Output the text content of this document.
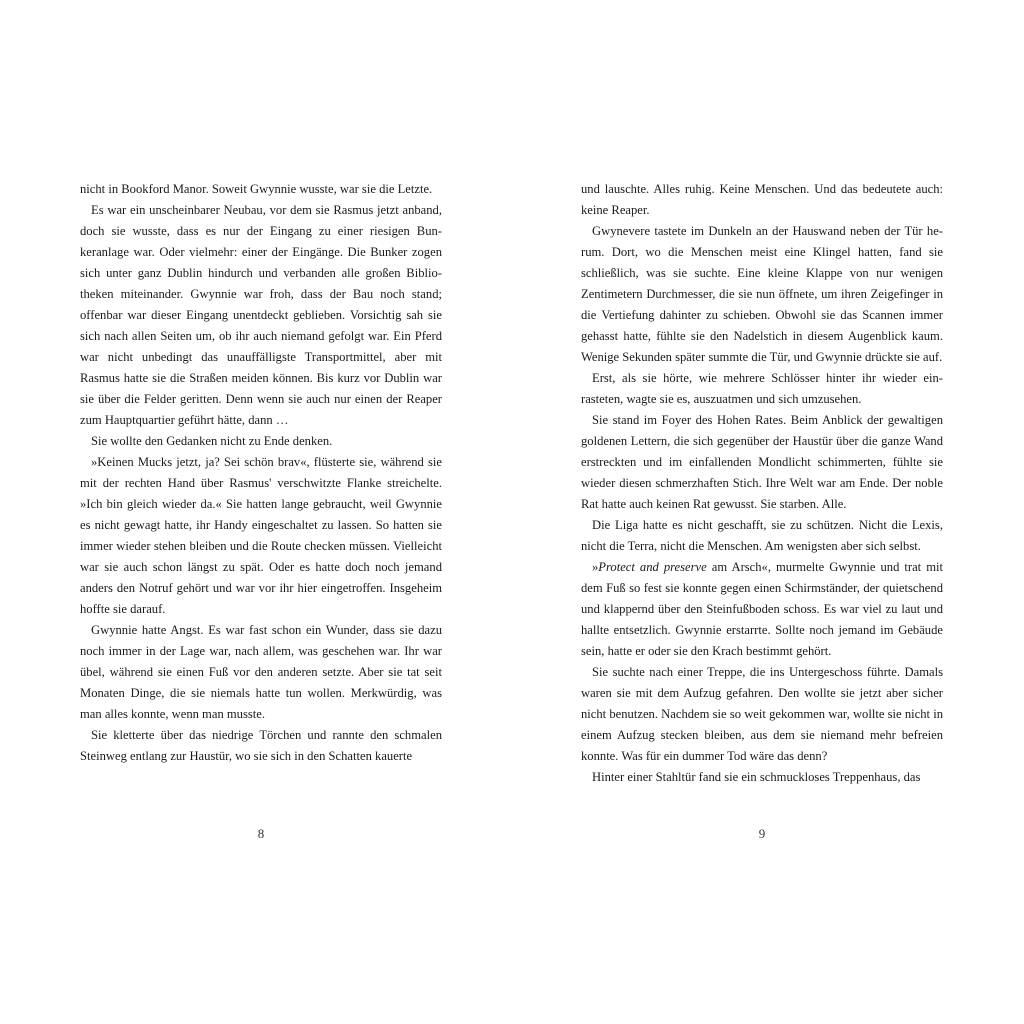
nicht in Bookford Manor. Soweit Gwynnie wusste, war sie die Letzte.

Es war ein unscheinbarer Neubau, vor dem sie Rasmus jetzt anband, doch sie wusste, dass es nur der Eingang zu einer riesigen Bunkeranlage war. Oder vielmehr: einer der Eingänge. Die Bunker zogen sich unter ganz Dublin hindurch und verbanden alle großen Bibliotheken miteinander. Gwynnie war froh, dass der Bau noch stand; offenbar war dieser Eingang unentdeckt geblieben. Vorsichtig sah sie sich nach allen Seiten um, ob ihr auch niemand gefolgt war. Ein Pferd war nicht unbedingt das unauffälligste Transportmittel, aber mit Rasmus hatte sie die Straßen meiden können. Bis kurz vor Dublin war sie über die Felder geritten. Denn wenn sie auch nur einen der Reaper zum Hauptquartier geführt hätte, dann …

Sie wollte den Gedanken nicht zu Ende denken.

»Keinen Mucks jetzt, ja? Sei schön brav«, flüsterte sie, während sie mit der rechten Hand über Rasmus' verschwitzte Flanke streichelte. »Ich bin gleich wieder da.« Sie hatten lange gebraucht, weil Gwynnie es nicht gewagt hatte, ihr Handy eingeschaltet zu lassen. So hatten sie immer wieder stehen bleiben und die Route checken müssen. Vielleicht war sie auch schon längst zu spät. Oder es hatte doch noch jemand anders den Notruf gehört und war vor ihr hier eingetroffen. Insgeheim hoffte sie darauf.

Gwynnie hatte Angst. Es war fast schon ein Wunder, dass sie dazu noch immer in der Lage war, nach allem, was geschehen war. Ihr war übel, während sie einen Fuß vor den anderen setzte. Aber sie tat seit Monaten Dinge, die sie niemals hatte tun wollen. Merkwürdig, was man alles konnte, wenn man musste.

Sie kletterte über das niedrige Törchen und rannte den schmalen Steinweg entlang zur Haustür, wo sie sich in den Schatten kauerte

8

und lauschte. Alles ruhig. Keine Menschen. Und das bedeutete auch: keine Reaper.

Gwynevere tastete im Dunkeln an der Hauswand neben der Tür herum. Dort, wo die Menschen meist eine Klingel hatten, fand sie schließlich, was sie suchte. Eine kleine Klappe von nur wenigen Zentimetern Durchmesser, die sie nun öffnete, um ihren Zeigefinger in die Vertiefung dahinter zu schieben. Obwohl sie das Scannen immer gehasst hatte, fühlte sie den Nadelstich in diesem Augenblick kaum. Wenige Sekunden später summte die Tür, und Gwynnie drückte sie auf.

Erst, als sie hörte, wie mehrere Schlösser hinter ihr wieder einrasteten, wagte sie es, auszuatmen und sich umzusehen.

Sie stand im Foyer des Hohen Rates. Beim Anblick der gewaltigen goldenen Lettern, die sich gegenüber der Haustür über die ganze Wand erstreckten und im einfallenden Mondlicht schimmerten, fühlte sie wieder diesen schmerzhaften Stich. Ihre Welt war am Ende. Der noble Rat hatte auch keinen Rat gewusst. Sie starben. Alle.

Die Liga hatte es nicht geschafft, sie zu schützen. Nicht die Lexis, nicht die Terra, nicht die Menschen. Am wenigsten aber sich selbst.

»Protect and preserve am Arsch«, murmelte Gwynnie und trat mit dem Fuß so fest sie konnte gegen einen Schirmständer, der quietschend und klappernd über den Steinfußboden schoss. Es war viel zu laut und hallte entsetzlich. Gwynnie erstarrte. Sollte noch jemand im Gebäude sein, hatte er oder sie den Krach bestimmt gehört.

Sie suchte nach einer Treppe, die ins Untergeschoss führte. Damals waren sie mit dem Aufzug gefahren. Den wollte sie jetzt aber sicher nicht benutzen. Nachdem sie so weit gekommen war, wollte sie nicht in einem Aufzug stecken bleiben, aus dem sie niemand mehr befreien konnte. Was für ein dummer Tod wäre das denn?

Hinter einer Stahltür fand sie ein schmuckloses Treppenhaus, das

9
